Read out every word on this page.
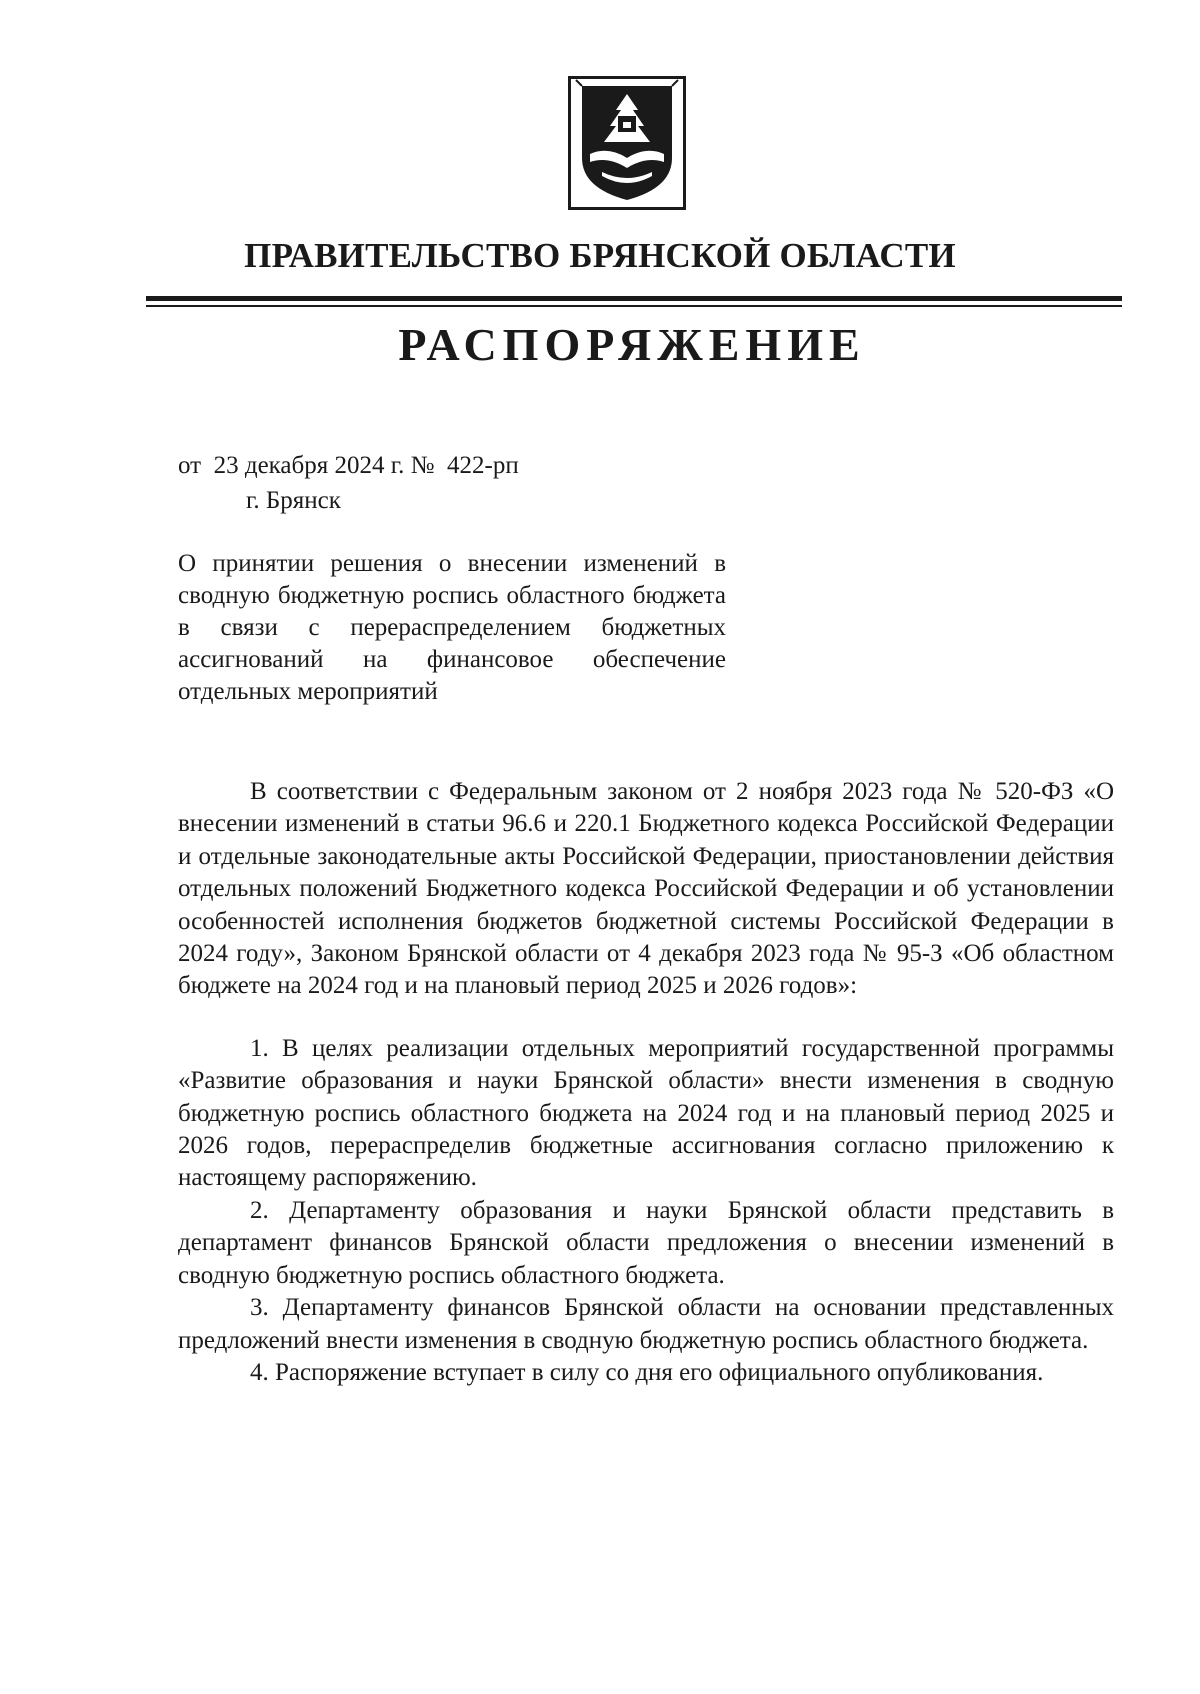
ПРАВИТЕЛЬСТВО БРЯНСКОЙ ОБЛАСТИ
РАСПОРЯЖЕНИЕ
от  23 декабря 2024 г. №  422-рп
г. Брянск
О принятии решения о внесении изменений в сводную бюджетную роспись областного бюджета в связи с перераспределением бюджетных ассигнований на финансовое обеспечение отдельных мероприятий

В соответствии с Федеральным законом от 2 ноября 2023 года № 520-ФЗ «О внесении изменений в статьи 96.6 и 220.1 Бюджетного кодекса Российской Федерации и отдельные законодательные акты Российской Федерации, приостановлении действия отдельных положений Бюджетного кодекса Российской Федерации и об установлении особенностей исполнения бюджетов бюджетной системы Российской Федерации в 2024 году», Законом Брянской области от 4 декабря 2023 года № 95-З «Об областном бюджете на 2024 год и на плановый период 2025 и 2026 годов»:

1. В целях реализации отдельных мероприятий государственной программы «Развитие образования и науки Брянской области» внести изменения в сводную бюджетную роспись областного бюджета на 2024 год и на плановый период 2025 и 2026 годов, перераспределив бюджетные ассигнования согласно приложению к настоящему распоряжению.

2. Департаменту образования и науки Брянской области представить в департамент финансов Брянской области предложения о внесении изменений в сводную бюджетную роспись областного бюджета.

3. Департаменту финансов Брянской области на основании представленных предложений внести изменения в сводную бюджетную роспись областного бюджета.

4. Распоряжение вступает в силу со дня его официального опубликования.
